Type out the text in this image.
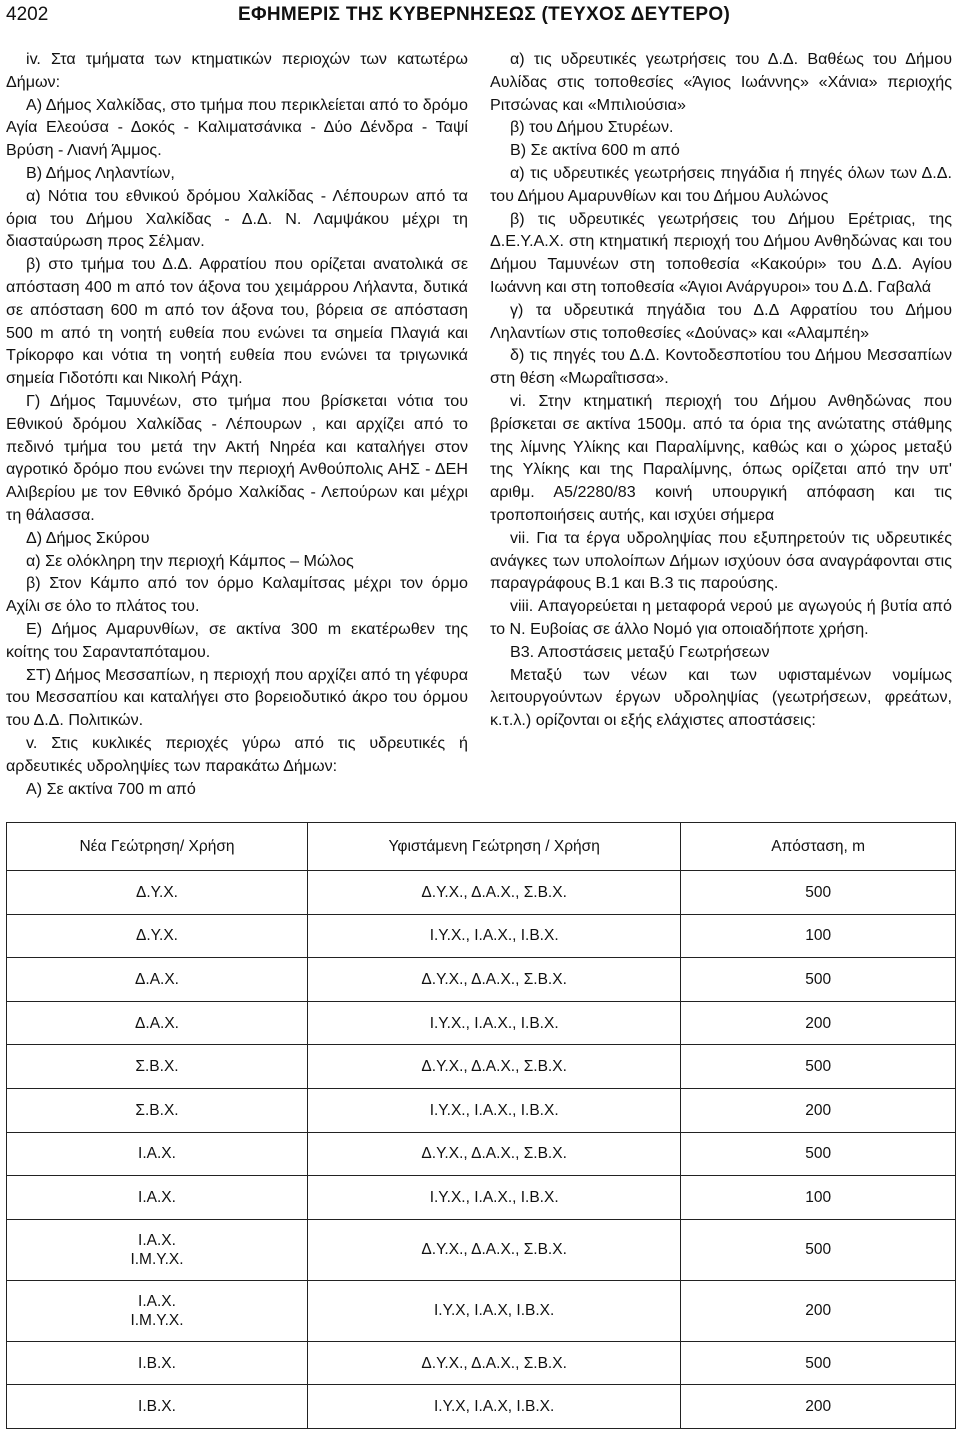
4202	ΕΦΗΜΕΡΙΣ ΤΗΣ ΚΥΒΕΡΝΗΣΕΩΣ (ΤΕΥΧΟΣ ΔΕΥΤΕΡΟ)

iv. Στα τμήματα των κτηματικών περιοχών των κατωτέρω Δήμων:

Α) Δήμος Χαλκίδας, στο τμήμα που περικλείεται από το δρόμο Αγία Ελεούσα - Δοκός - Καλιματσάνικα - Δύο Δένδρα - Ταψί Βρύση - Λιανή Άμμος.

Β) Δήμος Ληλαντίων,

α) Νότια του εθνικού δρόμου Χαλκίδας - Λέπουρων από τα όρια του Δήμου Χαλκίδας - Δ.Δ. Ν. Λαμψάκου μέχρι τη διασταύρωση προς Σέλμαν.

β) στο τμήμα του Δ.Δ. Αφρατίου που ορίζεται ανατολικά σε απόσταση 400 m από τον άξονα του χειμάρρου Λήλαντα, δυτικά σε απόσταση 600 m από τον άξονα του, βόρεια σε απόσταση 500 m από τη νοητή ευθεία που ενώνει τα σημεία Πλαγιά και Τρίκορφο και νότια τη νοητή ευθεία που ενώνει τα τριγωνικά σημεία Γιδοτόπι και Νικολή Ράχη.

Γ) Δήμος Ταμυνέων, στο τμήμα που βρίσκεται νότια του Εθνικού δρόμου Χαλκίδας - Λέπουρων , και αρχίζει από το πεδινό τμήμα του μετά την Ακτή Νηρέα και καταλήγει στον αγροτικό δρόμο που ενώνει την περιοχή Ανθούπολις ΑΗΣ - ΔΕΗ Αλιβερίου με τον Εθνικό δρόμο Χαλκίδας - Λεπούρων και μέχρι τη θάλασσα.

Δ) Δήμος Σκύρου

α) Σε ολόκληρη την περιοχή Κάμπος – Μώλος

β) Στον Κάμπο από τον όρμο Καλαμίτσας μέχρι τον όρμο Αχίλι σε όλο το πλάτος του.

Ε) Δήμος Αμαρυνθίων, σε ακτίνα 300 m εκατέρωθεν της κοίτης του Σαρανταπόταμου.

ΣΤ) Δήμος Μεσσαπίων, η περιοχή που αρχίζει από τη γέφυρα του Μεσσαπίου και καταλήγει στο βορειοδυτικό άκρο του όρμου του Δ.Δ. Πολιτικών.

v. Στις κυκλικές περιοχές γύρω από τις υδρευτικές ή αρδευτικές υδροληψίες των παρακάτω Δήμων:

Α) Σε ακτίνα 700 m από

α) τις υδρευτικές γεωτρήσεις του Δ.Δ. Βαθέως του Δήμου Αυλίδας στις τοποθεσίες «Άγιος Ιωάννης» «Χάνια» περιοχής Ριτσώνας και «Μπιλιούσια»

β) του Δήμου Στυρέων.

Β) Σε ακτίνα 600 m από

α) τις υδρευτικές γεωτρήσεις πηγάδια ή πηγές όλων των Δ.Δ. του Δήμου Αμαρυνθίων και του Δήμου Αυλώνος

β) τις υδρευτικές γεωτρήσεις του Δήμου Ερέτριας, της Δ.Ε.Υ.Α.Χ. στη κτηματική περιοχή του Δήμου Ανθηδώνας και του Δήμου Ταμυνέων στη τοποθεσία «Κακούρι» του Δ.Δ. Αγίου Ιωάννη και στη τοποθεσία «Άγιοι Ανάργυροι» του Δ.Δ. Γαβαλά

γ) τα υδρευτικά πηγάδια του Δ.Δ Αφρατίου του Δήμου Ληλαντίων στις τοποθεσίες «Δούνας» και «Αλαμπέη»

δ) τις πηγές του Δ.Δ. Κοντοδεσποτίου του Δήμου Μεσσαπίων στη θέση «Μωραΐτισσα».

vi. Στην κτηματική περιοχή του Δήμου Ανθηδώνας που βρίσκεται σε ακτίνα 1500μ. από τα όρια της ανώτατης στάθμης της λίμνης Υλίκης και Παραλίμνης, καθώς και ο χώρος μεταξύ της Υλίκης και της Παραλίμνης, όπως ορίζεται από την υπ' αριθμ. Α5/2280/83 κοινή υπουργική απόφαση και τις τροποποιήσεις αυτής, και ισχύει σήμερα

vii. Για τα έργα υδροληψίας που εξυπηρετούν τις υδρευτικές ανάγκες των υπολοίπων Δήμων ισχύουν όσα αναγράφονται στις παραγράφους Β.1 και Β.3 τις παρούσης.

viii. Απαγορεύεται η μεταφορά νερού με αγωγούς ή βυτία από το Ν. Ευβοίας σε άλλο Νομό για οποιαδήποτε χρήση.

Β3. Αποστάσεις μεταξύ Γεωτρήσεων

Μεταξύ των νέων και των υφισταμένων νομίμως λειτουργούντων έργων υδροληψίας (γεωτρήσεων, φρεάτων, κ.τ.λ.) ορίζονται οι εξής ελάχιστες αποστάσεις:

Νέα Γεώτρηση/ Χρήση	Υφιστάμενη Γεώτρηση / Χρήση	Απόσταση, m
Δ.Υ.Χ.	Δ.Υ.Χ., Δ.Α.Χ., Σ.Β.Χ.	500
Δ.Υ.Χ.	Ι.Υ.Χ., Ι.Α.Χ., Ι.Β.Χ.	100
Δ.Α.Χ.	Δ.Υ.Χ., Δ.Α.Χ., Σ.Β.Χ.	500
Δ.Α.Χ.	Ι.Υ.Χ., Ι.Α.Χ., Ι.Β.Χ.	200
Σ.Β.Χ.	Δ.Υ.Χ., Δ.Α.Χ., Σ.Β.Χ.	500
Σ.Β.Χ.	Ι.Υ.Χ., Ι.Α.Χ., Ι.Β.Χ.	200
Ι.Α.Χ.	Δ.Υ.Χ., Δ.Α.Χ., Σ.Β.Χ.	500
Ι.Α.Χ.	Ι.Υ.Χ., Ι.Α.Χ., Ι.Β.Χ.	100

Ι.Α.Χ.
Ι.Μ.Υ.Χ.	Δ.Υ.Χ., Δ.Α.Χ., Σ.Β.Χ.	500

Ι.Α.Χ.
Ι.Μ.Υ.Χ.	Ι.Υ.Χ, Ι.Α.Χ, Ι.Β.Χ.	200
Ι.Β.Χ.	Δ.Υ.Χ., Δ.Α.Χ., Σ.Β.Χ.	500
Ι.Β.Χ.	Ι.Υ.Χ, Ι.Α.Χ, Ι.Β.Χ.	200
